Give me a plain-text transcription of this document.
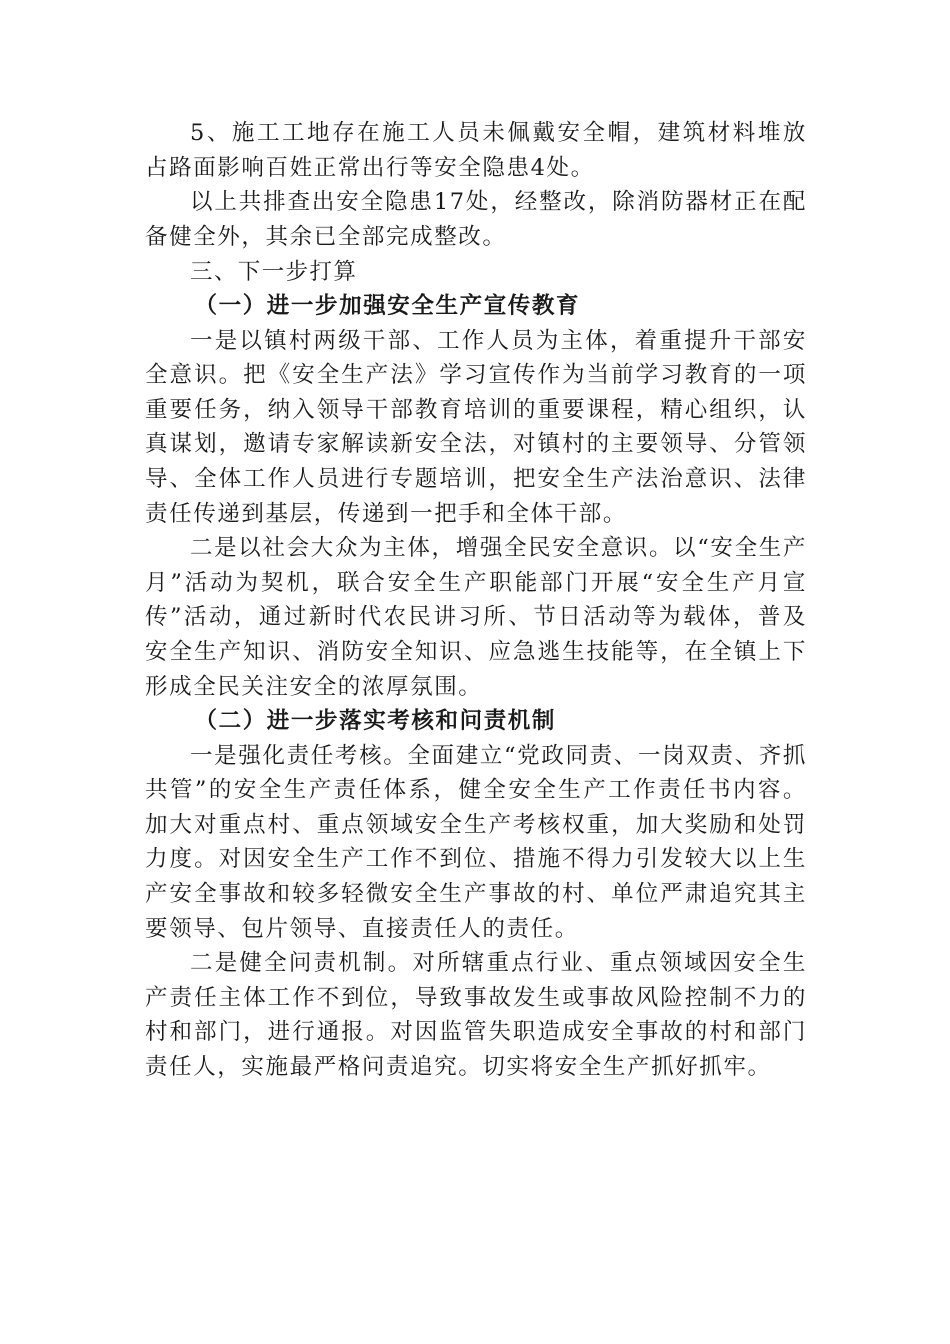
5、施工工地存在施工人员未佩戴安全帽，建筑材料堆放占路面影响百姓正常出行等安全隐患4处。

以上共排查出安全隐患17处，经整改，除消防器材正在配备健全外，其余已全部完成整改。

三、下一步打算

（一）进一步加强安全生产宣传教育

一是以镇村两级干部、工作人员为主体，着重提升干部安全意识。把《安全生产法》学习宣传作为当前学习教育的一项重要任务，纳入领导干部教育培训的重要课程，精心组织，认真谋划，邀请专家解读新安全法，对镇村的主要领导、分管领导、全体工作人员进行专题培训，把安全生产法治意识、法律责任传递到基层，传递到一把手和全体干部。

二是以社会大众为主体，增强全民安全意识。以“安全生产月”活动为契机，联合安全生产职能部门开展“安全生产月宣传”活动，通过新时代农民讲习所、节日活动等为载体，普及安全生产知识、消防安全知识、应急逃生技能等，在全镇上下形成全民关注安全的浓厚氛围。

（二）进一步落实考核和问责机制

一是强化责任考核。全面建立“党政同责、一岗双责、齐抓共管”的安全生产责任体系，健全安全生产工作责任书内容。加大对重点村、重点领域安全生产考核权重，加大奖励和处罚力度。对因安全生产工作不到位、措施不得力引发较大以上生产安全事故和较多轻微安全生产事故的村、单位严肃追究其主要领导、包片领导、直接责任人的责任。

二是健全问责机制。对所辖重点行业、重点领域因安全生产责任主体工作不到位，导致事故发生或事故风险控制不力的村和部门，进行通报。对因监管失职造成安全事故的村和部门责任人，实施最严格问责追究。切实将安全生产抓好抓牢。
